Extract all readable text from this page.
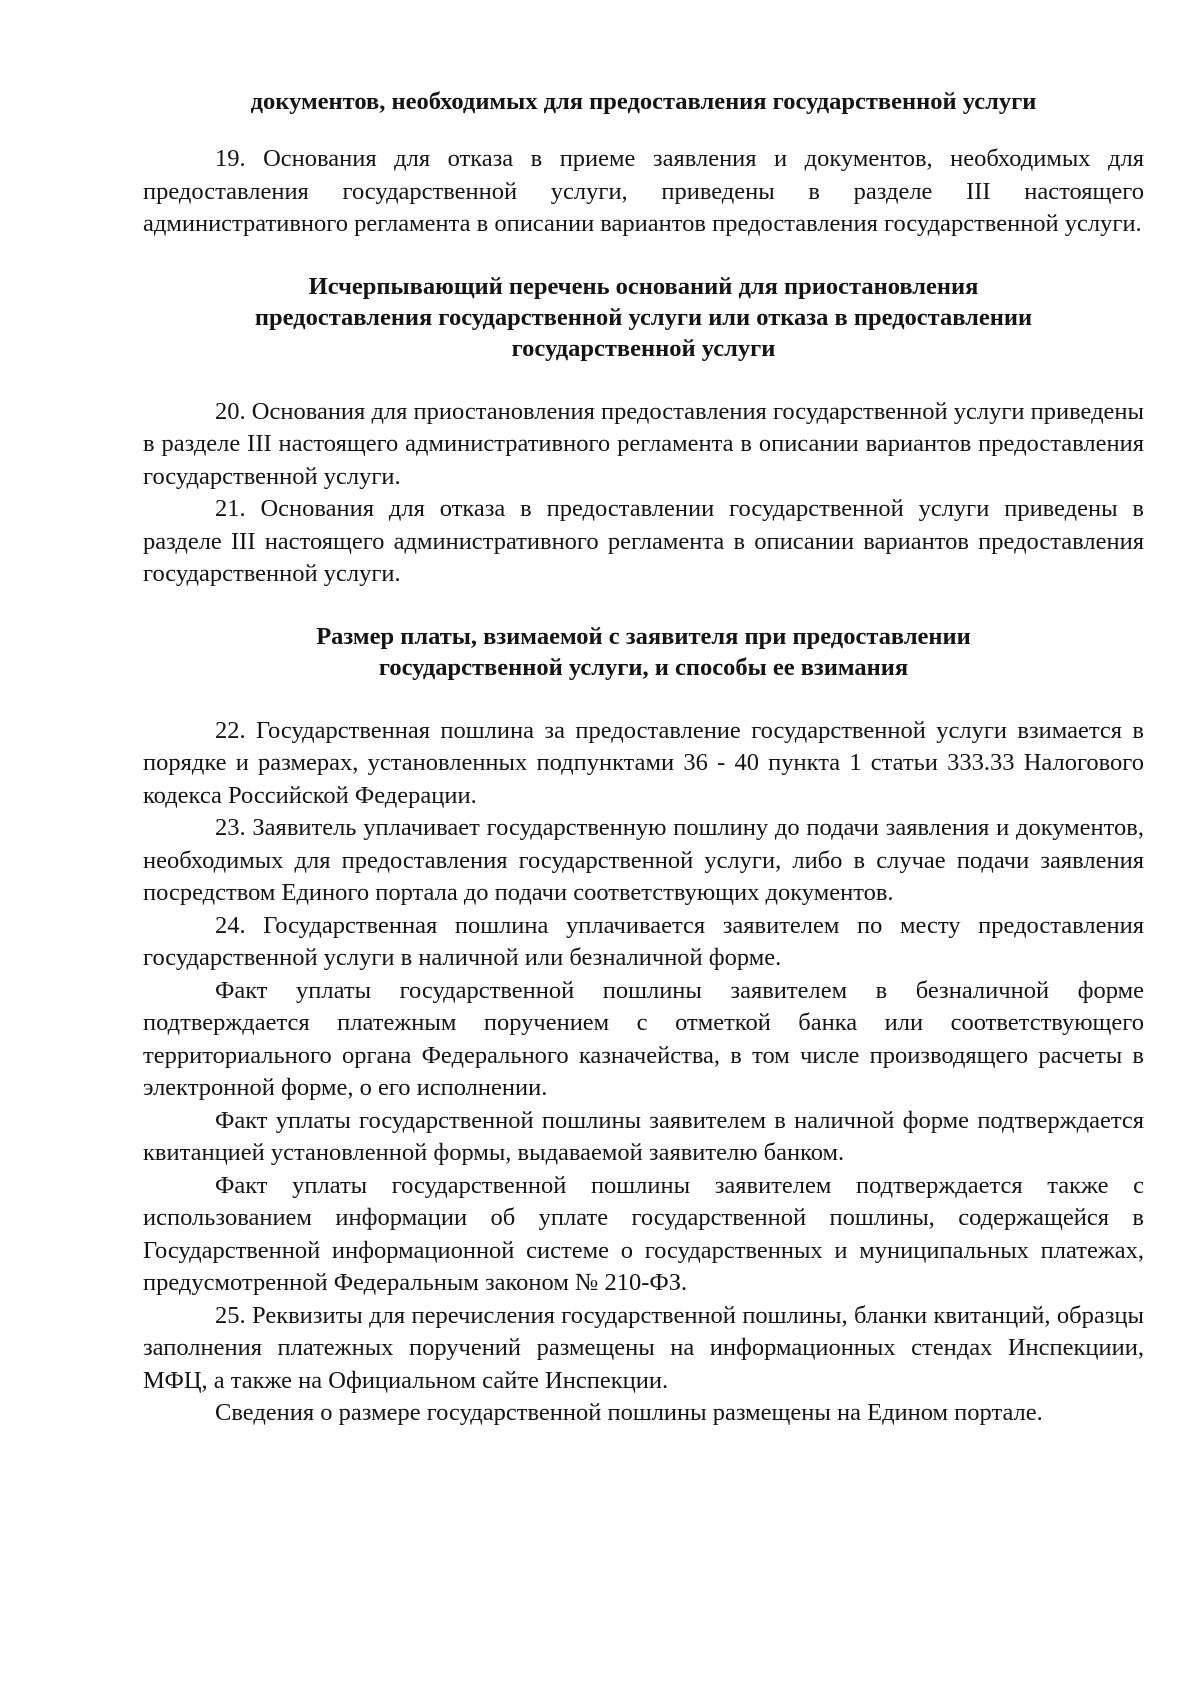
документов, необходимых для предоставления государственной услуги

19. Основания для отказа в приеме заявления и документов, необходимых для предоставления государственной услуги, приведены в разделе III настоящего административного регламента в описании вариантов предоставления государственной услуги.

Исчерпывающий перечень оснований для приостановления
предоставления государственной услуги или отказа в предоставлении
государственной услуги

20. Основания для приостановления предоставления государственной услуги приведены в разделе III настоящего административного регламента в описании вариантов предоставления государственной услуги.

21. Основания для отказа в предоставлении государственной услуги приведены в разделе III настоящего административного регламента в описании вариантов предоставления государственной услуги.

Размер платы, взимаемой с заявителя при предоставлении
государственной услуги, и способы ее взимания

22. Государственная пошлина за предоставление государственной услуги взимается в порядке и размерах, установленных подпунктами 36 - 40 пункта 1 статьи 333.33 Налогового кодекса Российской Федерации.

23. Заявитель уплачивает государственную пошлину до подачи заявления и документов, необходимых для предоставления государственной услуги, либо в случае подачи заявления посредством Единого портала до подачи соответствующих документов.

24. Государственная пошлина уплачивается заявителем по месту предоставления государственной услуги в наличной или безналичной форме.

Факт уплаты государственной пошлины заявителем в безналичной форме подтверждается платежным поручением с отметкой банка или соответствующего территориального органа Федерального казначейства, в том числе производящего расчеты в электронной форме, о его исполнении.

Факт уплаты государственной пошлины заявителем в наличной форме подтверждается квитанцией установленной формы, выдаваемой заявителю банком.

Факт уплаты государственной пошлины заявителем подтверждается также с использованием информации об уплате государственной пошлины, содержащейся в Государственной информационной системе о государственных и муниципальных платежах, предусмотренной Федеральным законом № 210-ФЗ.

25. Реквизиты для перечисления государственной пошлины, бланки квитанций, образцы заполнения платежных поручений размещены на информационных стендах Инспекциии, МФЦ, а также на Официальном сайте Инспекции.

Сведения о размере государственной пошлины размещены на Едином портале.
